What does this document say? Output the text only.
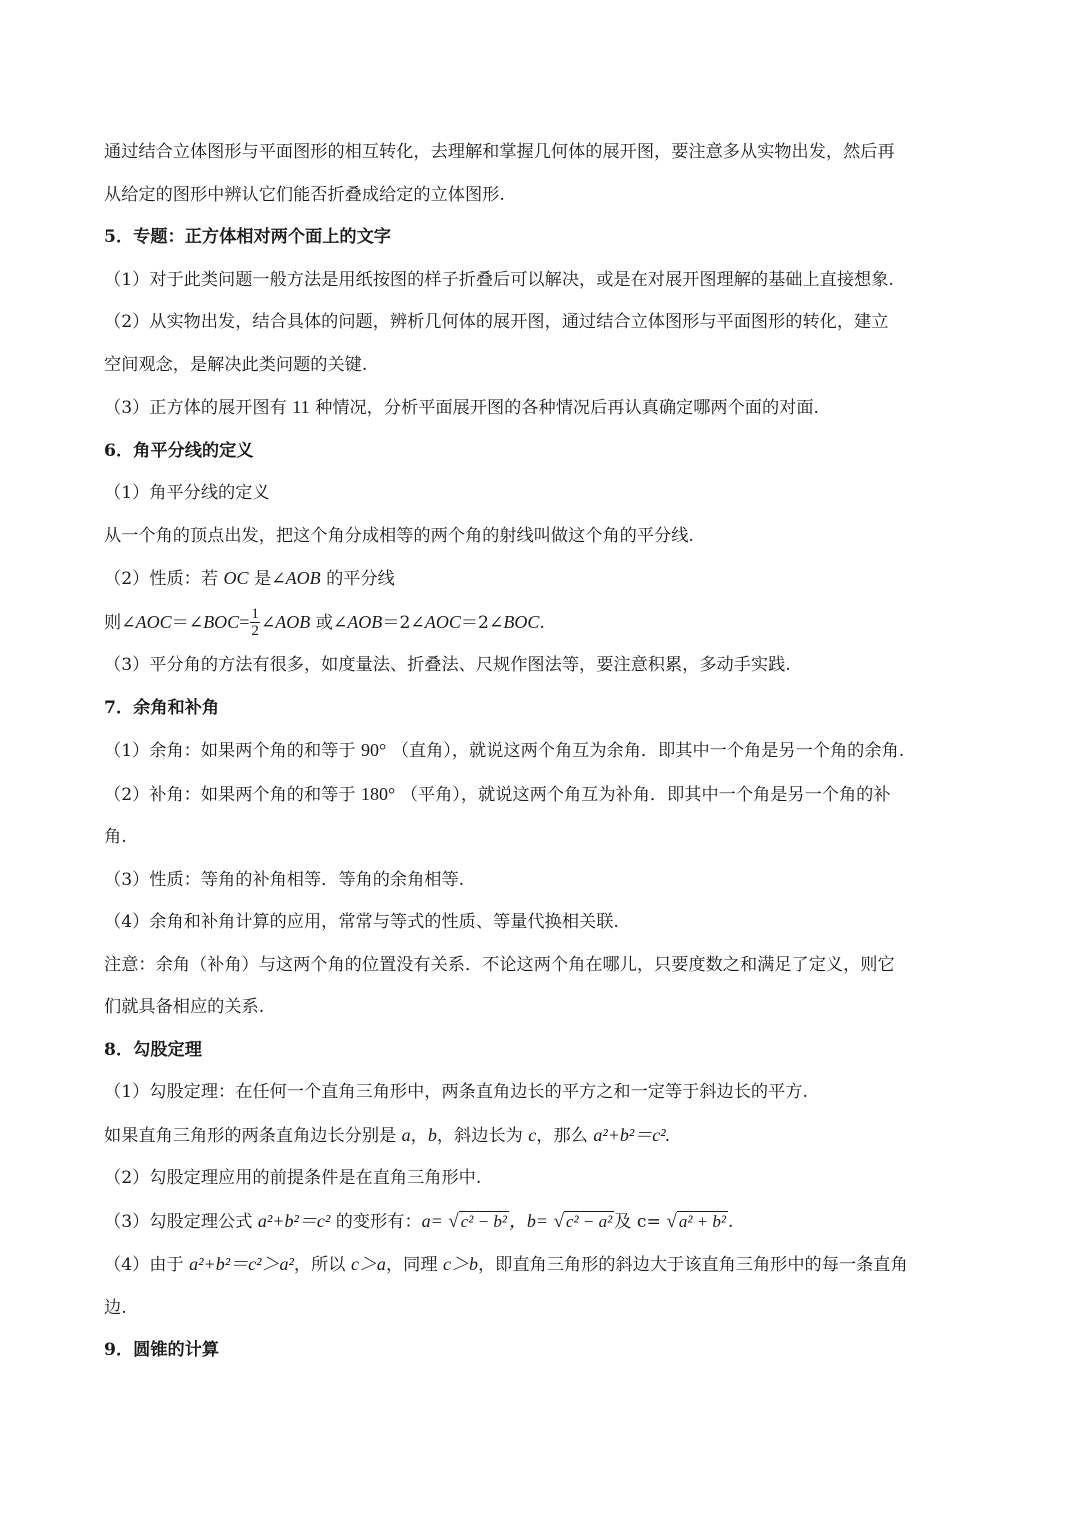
通过结合立体图形与平面图形的相互转化，去理解和掌握几何体的展开图，要注意多从实物出发，然后再
从给定的图形中辨认它们能否折叠成给定的立体图形.
5．专题：正方体相对两个面上的文字
（1）对于此类问题一般方法是用纸按图的样子折叠后可以解决，或是在对展开图理解的基础上直接想象.
（2）从实物出发，结合具体的问题，辨析几何体的展开图，通过结合立体图形与平面图形的转化，建立
空间观念，是解决此类问题的关键.
（3）正方体的展开图有 11 种情况，分析平面展开图的各种情况后再认真确定哪两个面的对面.
6．角平分线的定义
（1）角平分线的定义
从一个角的顶点出发，把这个角分成相等的两个角的射线叫做这个角的平分线.
（2）性质：若 OC 是∠AOB 的平分线
则∠AOC＝∠BOC= $\frac{1}{2}$ ∠AOB 或∠AOB＝2∠AOC＝2∠BOC.
（3）平分角的方法有很多，如度量法、折叠法、尺规作图法等，要注意积累，多动手实践.
7．余角和补角
（1）余角：如果两个角的和等于 90° （直角），就说这两个角互为余角．即其中一个角是另一个角的余角.
（2）补角：如果两个角的和等于 180° （平角），就说这两个角互为补角．即其中一个角是另一个角的补
角.
（3）性质：等角的补角相等．等角的余角相等.
（4）余角和补角计算的应用，常常与等式的性质、等量代换相关联.
注意：余角（补角）与这两个角的位置没有关系．不论这两个角在哪儿，只要度数之和满足了定义，则它
们就具备相应的关系.
8．勾股定理
（1）勾股定理：在任何一个直角三角形中，两条直角边长的平方之和一定等于斜边长的平方.
如果直角三角形的两条直角边长分别是 a，b，斜边长为 c，那么 a²+b²＝c².
（2）勾股定理应用的前提条件是在直角三角形中.
（3）勾股定理公式 a²+b²＝c² 的变形有：a= √ c² − b² ，b= √ c² − a² 及 c= √ a² + b² .
（4）由于 a²+b²＝c²＞a²，所以 c＞a，同理 c＞b，即直角三角形的斜边大于该直角三角形中的每一条直角
边.
9．圆锥的计算
